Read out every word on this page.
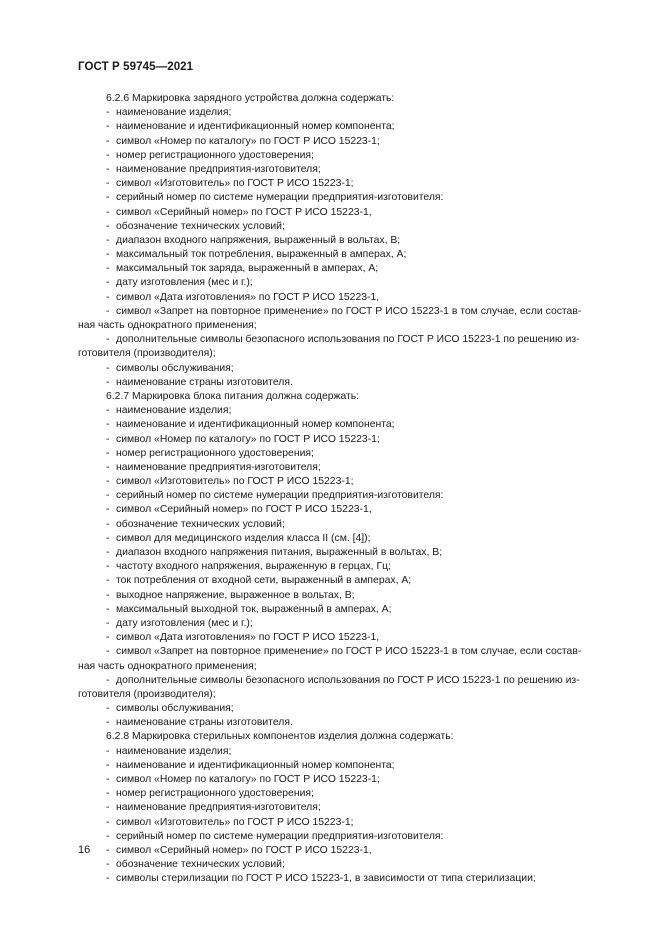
ГОСТ Р 59745—2021
6.2.6 Маркировка зарядного устройства должна содержать:
- наименование изделия;
- наименование и идентификационный номер компонента;
- символ «Номер по каталогу» по ГОСТ Р ИСО 15223-1;
- номер регистрационного удостоверения;
- наименование предприятия-изготовителя;
- символ «Изготовитель» по ГОСТ Р ИСО 15223-1;
- серийный номер по системе нумерации предприятия-изготовителя:
- символ «Серийный номер» по ГОСТ Р ИСО 15223-1,
- обозначение технических условий;
- диапазон входного напряжения, выраженный в вольтах, В;
- максимальный ток потребления, выраженный в амперах, А;
- максимальный ток заряда, выраженный в амперах, А;
- дату изготовления (мес и г.);
- символ «Дата изготовления» по ГОСТ Р ИСО 15223-1,
- символ «Запрет на повторное применение» по ГОСТ Р ИСО 15223-1 в том случае, если состав-
ная часть однократного применения;
- дополнительные символы безопасного использования по ГОСТ Р ИСО 15223-1 по решению из-
готовителя (производителя);
- символы обслуживания;
- наименование страны изготовителя.
6.2.7 Маркировка блока питания должна содержать:
- наименование изделия;
- наименование и идентификационный номер компонента;
- символ «Номер по каталогу» по ГОСТ Р ИСО 15223-1;
- номер регистрационного удостоверения;
- наименование предприятия-изготовителя;
- символ «Изготовитель» по ГОСТ Р ИСО 15223-1;
- серийный номер по системе нумерации предприятия-изготовителя:
- символ «Серийный номер» по ГОСТ Р ИСО 15223-1,
- обозначение технических условий;
- символ для медицинского изделия класса II (см. [4]);
- диапазон входного напряжения питания, выраженный в вольтах, В;
- частоту входного напряжения, выраженную в герцах, Гц;
- ток потребления от входной сети, выраженный в амперах, А;
- выходное напряжение, выраженное в вольтах, В;
- максимальный выходной ток, выраженный в амперах, А;
- дату изготовления (мес и г.);
- символ «Дата изготовления» по ГОСТ Р ИСО 15223-1,
- символ «Запрет на повторное применение» по ГОСТ Р ИСО 15223-1 в том случае, если состав-
ная часть однократного применения;
- дополнительные символы безопасного использования по ГОСТ Р ИСО 15223-1 по решению из-
готовителя (производителя);
- символы обслуживания;
- наименование страны изготовителя.
6.2.8 Маркировка стерильных компонентов изделия должна содержать:
- наименование изделия;
- наименование и идентификационный номер компонента;
- символ «Номер по каталогу» по ГОСТ Р ИСО 15223-1;
- номер регистрационного удостоверения;
- наименование предприятия-изготовителя;
- символ «Изготовитель» по ГОСТ Р ИСО 15223-1;
- серийный номер по системе нумерации предприятия-изготовителя:
- символ «Серийный номер» по ГОСТ Р ИСО 15223-1,
- обозначение технических условий;
- символы стерилизации по ГОСТ Р ИСО 15223-1, в зависимости от типа стерилизации;
16
